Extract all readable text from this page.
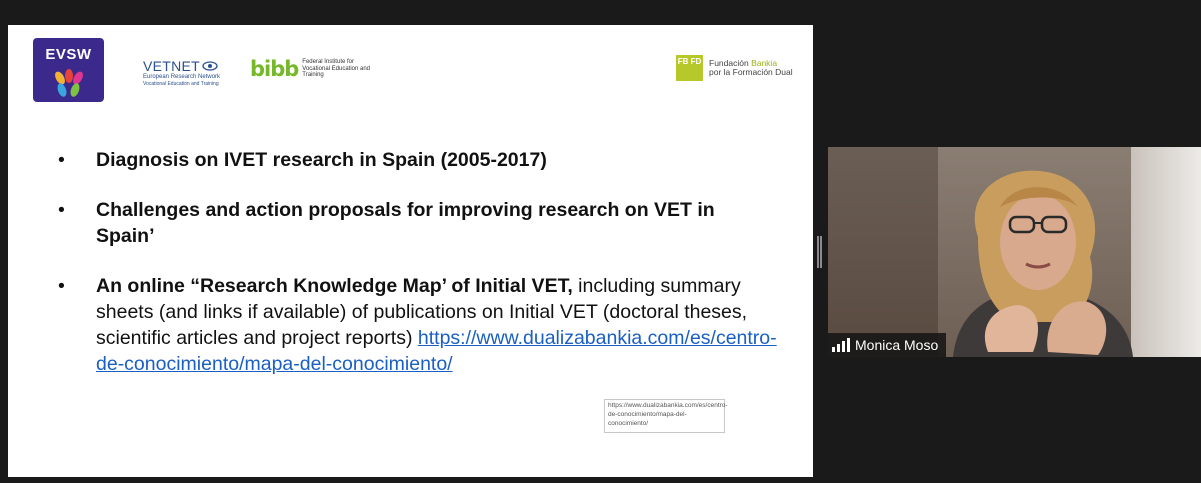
EVSW
VETNET
European Research Network
Vocational Education and Training
bibb Federal Institute for Vocational Education and Training
FB FD Fundación Bankia
por la Formación Dual
• Diagnosis on IVET research in Spain (2005-2017)
• Challenges and action proposals for improving research on VET in Spain’
• An online “Research Knowledge Map’ of Initial VET, including summary sheets (and links if available) of publications on Initial VET (doctoral theses, scientific articles and project reports) https://www.dualizabankia.com/es/centro-de-conocimiento/mapa-del-conocimiento/
https://www.dualizabankia.com/es/centro-de-conocimiento/mapa-del-conocimiento/
Monica Moso
